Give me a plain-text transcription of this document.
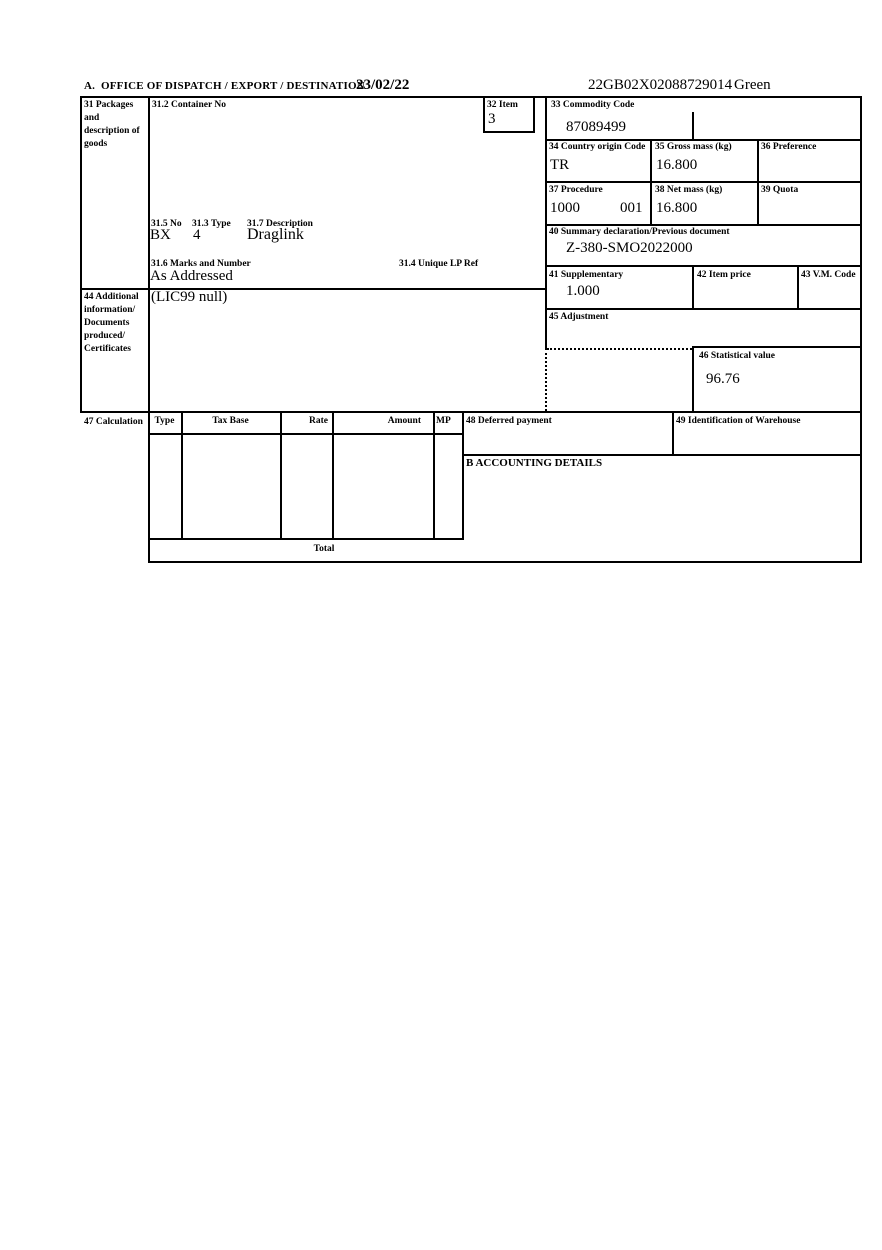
A.  OFFICE OF DISPATCH / EXPORT / DESTINATION
23/02/22	22GB02X02088729014 Green
31 Packages and description of goods
44 Additional information/ Documents produced/ Certificates
47 Calculation
31.2 Container No	32 Item
3
31.5 No 31.3 Type 31.7 Description
BX 4	Draglink
31.6 Marks and Number	31.4 Unique LP Ref
As Addressed
(LIC99 null)
33 Commodity Code
87089499
34 Country origin Code
TR
35 Gross mass (kg)
16.800
36 Preference
37 Procedure
1000	001
38 Net mass (kg)
16.800
39 Quota
40 Summary declaration/Previous document
Z-380-SMO2022000
41 Supplementary
1.000
42 Item price	43 V.M. Code
45 Adjustment
46 Statistical value
96.76
Type	Tax Base	Rate	Amount MP
Total
48 Deferred payment	49 Identification of Warehouse
B ACCOUNTING DETAILS
